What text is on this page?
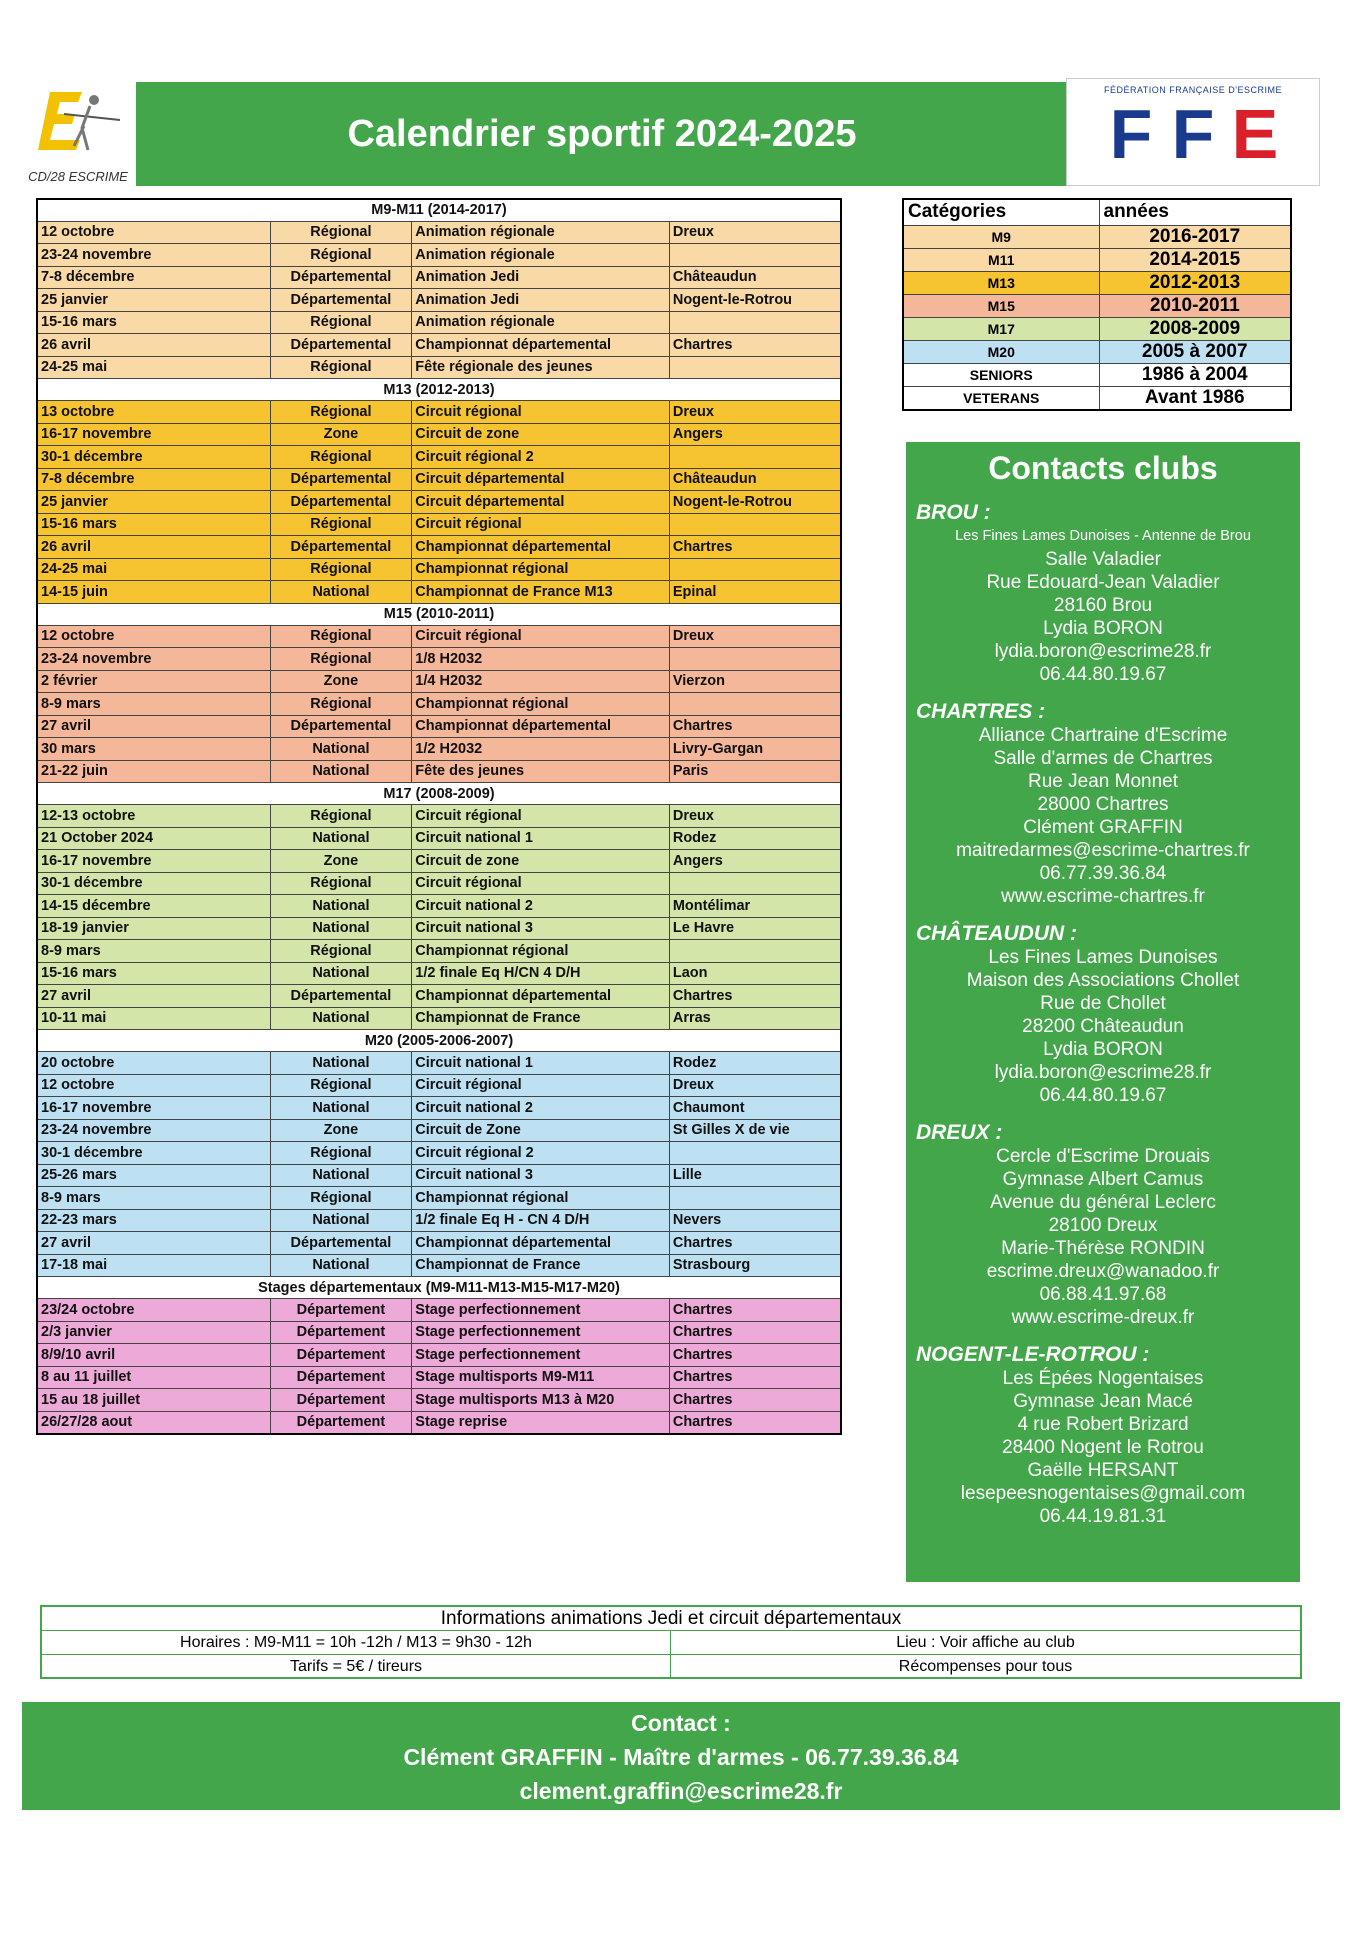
CD/28 ESCRIME
Calendrier sportif 2024-2025
FÉDÉRATION FRANÇAISE D'ESCRIME
F F E
M9-M11 (2014-2017)			
12 octobre	Régional	Animation régionale	Dreux
23-24 novembre	Régional	Animation régionale	
7-8 décembre	Départemental	Animation Jedi	Châteaudun
25 janvier	Départemental	Animation Jedi	Nogent-le-Rotrou
15-16 mars	Régional	Animation régionale	
26 avril	Départemental	Championnat départemental	Chartres
24-25 mai	Régional	Fête régionale des jeunes	
M13 (2012-2013)			
13 octobre	Régional	Circuit régional	Dreux
16-17 novembre	Zone	Circuit de zone	Angers
30-1 décembre	Régional	Circuit régional 2	
7-8 décembre	Départemental	Circuit départemental	Châteaudun
25 janvier	Départemental	Circuit départemental	Nogent-le-Rotrou
15-16 mars	Régional	Circuit régional	
26 avril	Départemental	Championnat départemental	Chartres
24-25 mai	Régional	Championnat régional	
14-15 juin	National	Championnat de France M13	Epinal
M15 (2010-2011)			
12 octobre	Régional	Circuit régional	Dreux
23-24 novembre	Régional	1/8 H2032	
2 février	Zone	1/4 H2032	Vierzon
8-9 mars	Régional	Championnat régional	
27 avril	Départemental	Championnat départemental	Chartres
30 mars	National	1/2 H2032	Livry-Gargan
21-22 juin	National	Fête des jeunes	Paris
M17 (2008-2009)			
12-13 octobre	Régional	Circuit régional	Dreux
21 October 2024	National	Circuit national 1	Rodez
16-17 novembre	Zone	Circuit de zone	Angers
30-1 décembre	Régional	Circuit régional	
14-15 décembre	National	Circuit national 2	Montélimar
18-19 janvier	National	Circuit national 3	Le Havre
8-9 mars	Régional	Championnat régional	
15-16 mars	National	1/2 finale Eq H/CN 4 D/H	Laon
27 avril	Départemental	Championnat départemental	Chartres
10-11 mai	National	Championnat de France	Arras
M20 (2005-2006-2007)			
20 octobre	National	Circuit national 1	Rodez
12 octobre	Régional	Circuit régional	Dreux
16-17 novembre	National	Circuit national 2	Chaumont
23-24 novembre	Zone	Circuit de Zone	St Gilles X de vie
30-1 décembre	Régional	Circuit régional 2	
25-26 mars	National	Circuit national 3	Lille
8-9 mars	Régional	Championnat régional	
22-23 mars	National	1/2 finale Eq H - CN 4 D/H	Nevers
27 avril	Départemental	Championnat départemental	Chartres
17-18 mai	National	Championnat de France	Strasbourg
Stages départementaux (M9-M11-M13-M15-M17-M20)			
23/24 octobre	Département	Stage perfectionnement	Chartres
2/3 janvier	Département	Stage perfectionnement	Chartres
8/9/10 avril	Département	Stage perfectionnement	Chartres
8 au 11 juillet	Département	Stage multisports M9-M11	Chartres
15 au 18 juillet	Département	Stage multisports M13 à M20	Chartres
26/27/28 aout	Département	Stage reprise	Chartres
Catégories	années
M9	2016-2017
M11	2014-2015
M13	2012-2013
M15	2010-2011
M17	2008-2009
M20	2005 à 2007
SENIORS	1986 à 2004
VETERANS	Avant 1986
Contacts clubs
BROU :
Les Fines Lames Dunoises - Antenne de Brou
Salle Valadier
Rue Edouard-Jean Valadier
28160 Brou
Lydia BORON
lydia.boron@escrime28.fr
06.44.80.19.67
CHARTRES :
Alliance Chartraine d'Escrime
Salle d'armes de Chartres
Rue Jean Monnet
28000 Chartres
Clément GRAFFIN
maitredarmes@escrime-chartres.fr
06.77.39.36.84
www.escrime-chartres.fr
CHÂTEAUDUN :
Les Fines Lames Dunoises
Maison des Associations Chollet
Rue de Chollet
28200 Châteaudun
Lydia BORON
lydia.boron@escrime28.fr
06.44.80.19.67
DREUX :
Cercle d'Escrime Drouais
Gymnase Albert Camus
Avenue du général Leclerc
28100 Dreux
Marie-Thérèse RONDIN
escrime.dreux@wanadoo.fr
06.88.41.97.68
www.escrime-dreux.fr
NOGENT-LE-ROTROU :
Les Épées Nogentaises
Gymnase Jean Macé
4 rue Robert Brizard
28400 Nogent le Rotrou
Gaëlle HERSANT
lesepeesnogentaises@gmail.com
06.44.19.81.31
Informations animations Jedi et circuit départementaux
Horaires : M9-M11 = 10h -12h / M13 = 9h30 - 12h	Lieu : Voir affiche au club
Tarifs = 5€ / tireurs	Récompenses pour tous
Contact :
Clément GRAFFIN - Maître d'armes - 06.77.39.36.84
clement.graffin@escrime28.fr
